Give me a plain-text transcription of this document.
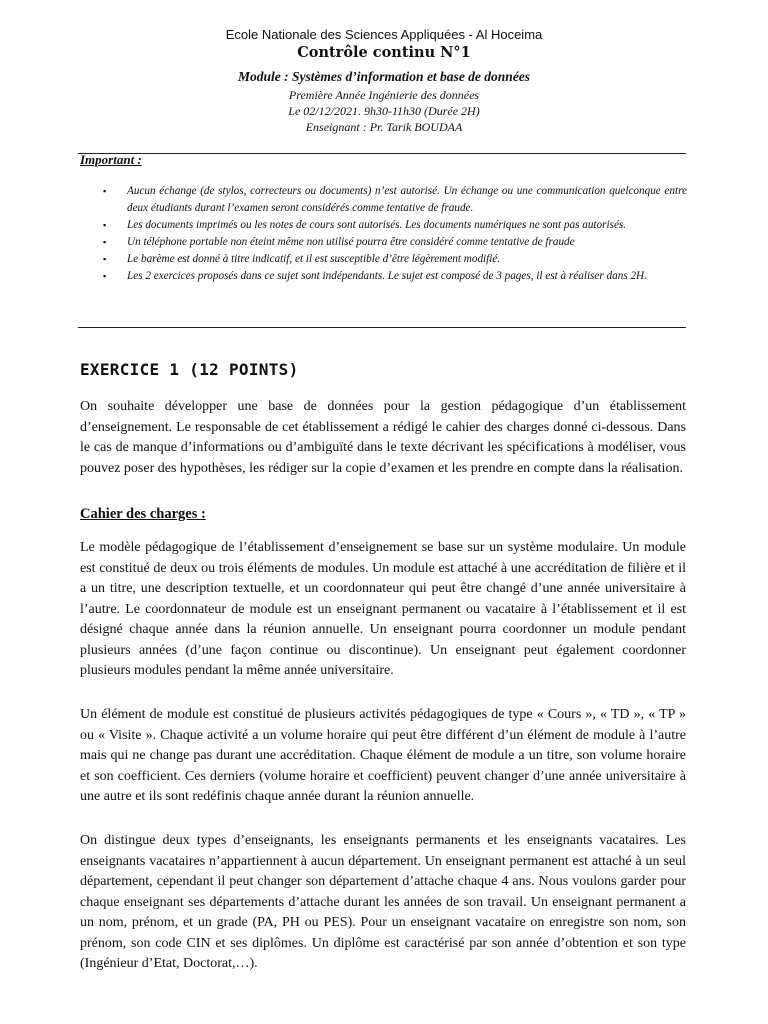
Ecole Nationale des Sciences Appliquées - Al Hoceima
Contrôle continu N°1
Module : Systèmes d’information et base de données
Première Année Ingénierie des données
Le 02/12/2021. 9h30-11h30 (Durée 2H)
Enseignant : Pr. Tarik BOUDAA
Important :
▪ Aucun échange (de stylos, correcteurs ou documents) n’est autorisé. Un échange ou une communication quelconque entre deux étudiants durant l’examen seront considérés comme tentative de fraude.
▪ Les documents imprimés ou les notes de cours sont autorisés. Les documents numériques ne sont pas autorisés.
▪ Un téléphone portable non éteint même non utilisé pourra être considéré comme tentative de fraude
▪ Le barème est donné à titre indicatif, et il est susceptible d’être légèrement modifié.
▪ Les 2 exercices proposés dans ce sujet sont indépendants. Le sujet est composé de 3 pages, il est à réaliser dans 2H.
EXERCICE 1 (12 POINTS)

On souhaite développer une base de données pour la gestion pédagogique d’un établissement d’enseignement. Le responsable de cet établissement a rédigé le cahier des charges donné ci-dessous. Dans le cas de manque d’informations ou d’ambiguïté dans le texte décrivant les spécifications à modéliser, vous pouvez poser des hypothèses, les rédiger sur la copie d’examen et les prendre en compte dans la réalisation.

Cahier des charges :

Le modèle pédagogique de l’établissement d’enseignement se base sur un système modulaire. Un module est constitué de deux ou trois éléments de modules. Un module est attaché à une accréditation de filière et il a un titre, une description textuelle, et un coordonnateur qui peut être changé d’une année universitaire à l’autre. Le coordonnateur de module est un enseignant permanent ou vacataire à l’établissement et il est désigné chaque année dans la réunion annuelle. Un enseignant pourra coordonner un module pendant plusieurs années (d’une façon continue ou discontinue). Un enseignant peut également coordonner plusieurs modules pendant la même année universitaire.

Un élément de module est constitué de plusieurs activités pédagogiques de type « Cours », « TD », « TP » ou « Visite ». Chaque activité a un volume horaire qui peut être différent d’un élément de module à l’autre mais qui ne change pas durant une accréditation. Chaque élément de module a un titre, son volume horaire et son coefficient. Ces derniers (volume horaire et coefficient) peuvent changer d’une année universitaire à une autre et ils sont redéfinis chaque année durant la réunion annuelle.

On distingue deux types d’enseignants, les enseignants permanents et les enseignants vacataires. Les enseignants vacataires n’appartiennent à aucun département. Un enseignant permanent est attaché à un seul département, cependant il peut changer son département d’attache chaque 4 ans. Nous voulons garder pour chaque enseignant ses départements d’attache durant les années de son travail. Un enseignant permanent a un nom, prénom, et un grade (PA, PH ou PES). Pour un enseignant vacataire on enregistre son nom, son prénom, son code CIN et ses diplômes. Un diplôme est caractérisé par son année d’obtention et son type (Ingénieur d’Etat, Doctorat,…).
